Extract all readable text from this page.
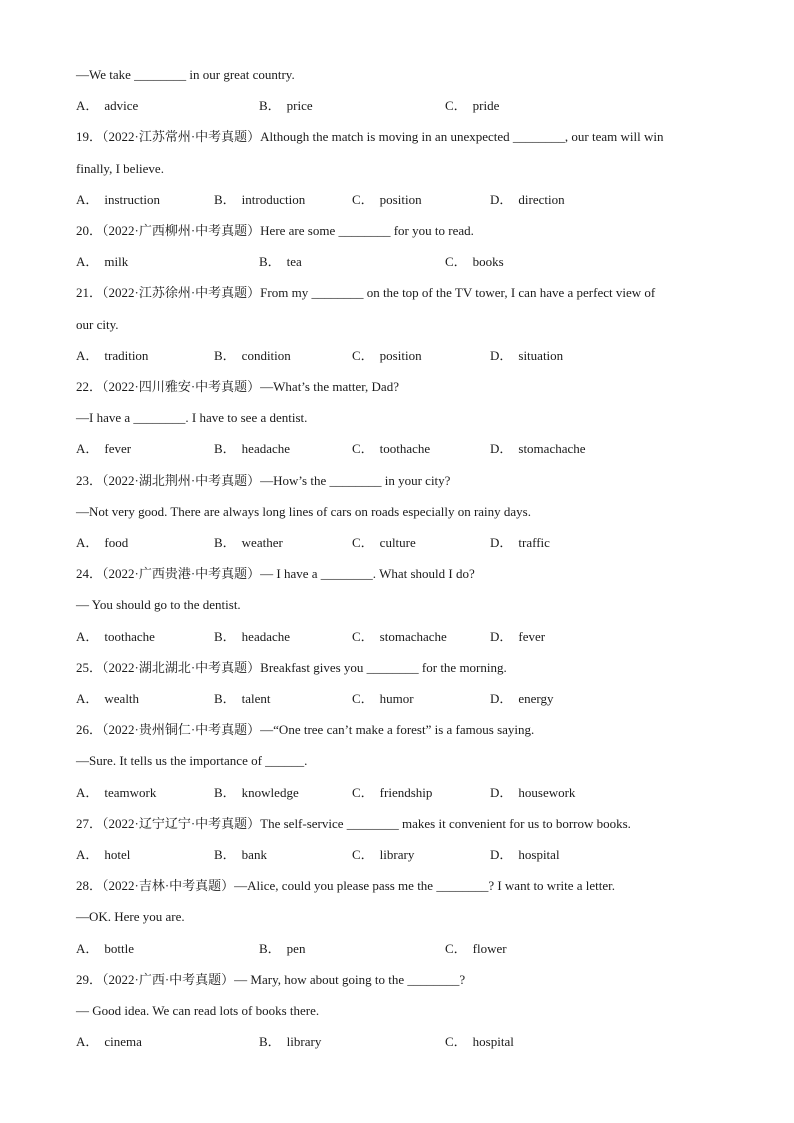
—We take ________ in our great country.
A． advice	B． price	C． pride
19．（2022·江苏常州·中考真题）Although the match is moving in an unexpected ________, our team will win
finally, I believe.
A． instruction	B． introduction	C． position	D． direction
20．（2022·广西柳州·中考真题）Here are some ________ for you to read.
A． milk	B． tea	C． books
21．（2022·江苏徐州·中考真题）From my ________ on the top of the TV tower, I can have a perfect view of
our city.
A． tradition	B． condition	C． position	D． situation
22．（2022·四川雅安·中考真题）—What’s the matter, Dad?
—I have a ________. I have to see a dentist.
A． fever	B． headache	C． toothache	D． stomachache
23．（2022·湖北荆州·中考真题）—How’s the ________ in your city?
—Not very good. There are always long lines of cars on roads especially on rainy days.
A． food	B． weather	C． culture	D． traffic
24．（2022·广西贵港·中考真题）— I have a ________. What should I do?
— You should go to the dentist.
A． toothache	B． headache	C． stomachache	D． fever
25．（2022·湖北湖北·中考真题）Breakfast gives you ________ for the morning.
A． wealth	B． talent	C． humor	D． energy
26．（2022·贵州铜仁·中考真题）—“One tree can’t make a forest” is a famous saying.
—Sure. It tells us the importance of ______.
A． teamwork	B． knowledge	C． friendship	D． housework
27．（2022·辽宁辽宁·中考真题）The self-service ________ makes it convenient for us to borrow books.
A． hotel	B． bank	C． library	D． hospital
28．（2022·吉林·中考真题）—Alice, could you please pass me the ________? I want to write a letter.
—OK. Here you are.
A． bottle	B． pen	C． flower
29．（2022·广西·中考真题）— Mary, how about going to the ________?
— Good idea. We can read lots of books there.
A． cinema	B． library	C． hospital
